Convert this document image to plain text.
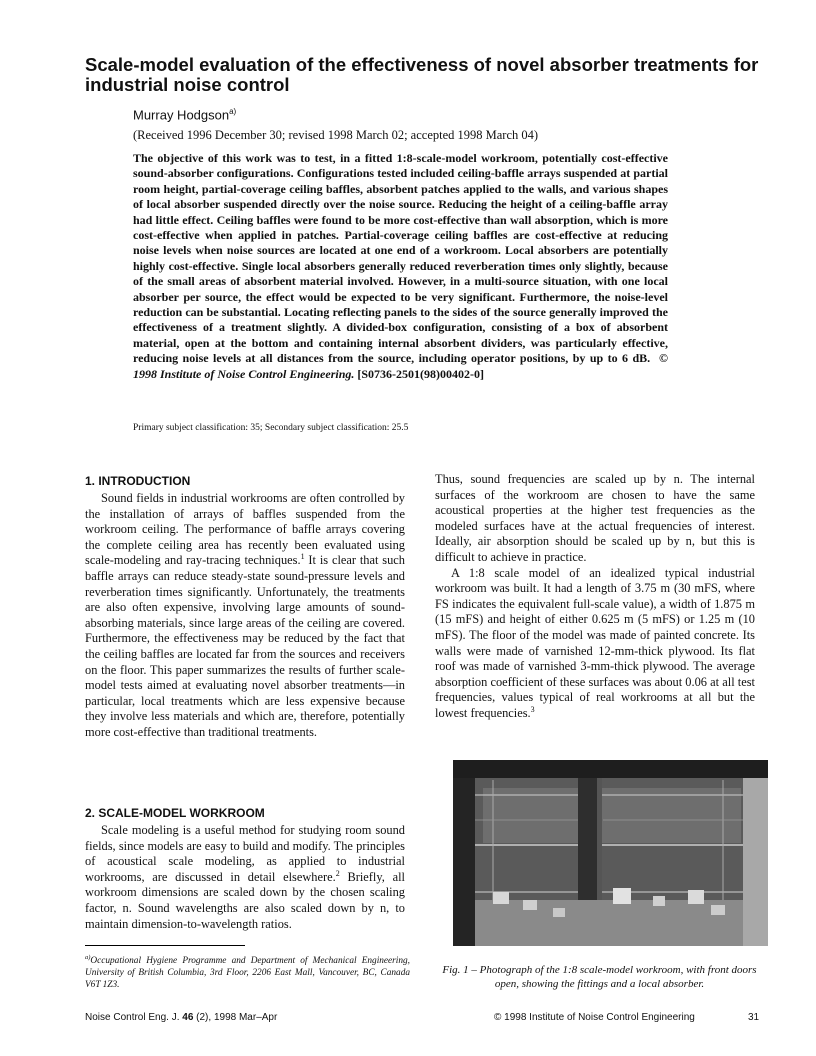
Scale-model evaluation of the effectiveness of novel absorber treatments for industrial noise control
Murray Hodgson$^{a)}$
(Received 1996 December 30; revised 1998 March 02; accepted 1998 March 04)
The objective of this work was to test, in a fitted 1:8-scale-model workroom, potentially cost-effective sound-absorber configurations. Configurations tested included ceiling-baffle arrays suspended at partial room height, partial-coverage ceiling baffles, absorbent patches applied to the walls, and various shapes of local absorber suspended directly over the noise source. Reducing the height of a ceiling-baffle array had little effect. Ceiling baffles were found to be more cost-effective than wall absorption, which is more cost-effective when applied in patches. Partial-coverage ceiling baffles are cost-effective at reducing noise levels when noise sources are located at one end of a workroom. Local absorbers are potentially highly cost-effective. Single local absorbers generally reduced reverberation times only slightly, because of the small areas of absorbent material involved. However, in a multi-source situation, with one local absorber per source, the effect would be expected to be very significant. Furthermore, the noise-level reduction can be substantial. Locating reflecting panels to the sides of the source generally improved the effectiveness of a treatment slightly. A divided-box configuration, consisting of a box of absorbent material, open at the bottom and containing internal absorbent dividers, was particularly effective, reducing noise levels at all distances from the source, including operator positions, by up to 6 dB. © 1998 Institute of Noise Control Engineering. [S0736-2501(98)00402-0]
Primary subject classification: 35; Secondary subject classification: 25.5
1. INTRODUCTION

Sound fields in industrial workrooms are often controlled by the installation of arrays of baffles suspended from the workroom ceiling. The performance of baffle arrays covering the complete ceiling area has recently been evaluated using scale-modeling and ray-tracing techniques.$^1$ It is clear that such baffle arrays can reduce steady-state sound-pressure levels and reverberation times significantly. Unfortunately, the treatments are also often expensive, involving large amounts of sound-absorbing materials, since large areas of the ceiling are covered. Furthermore, the effectiveness may be reduced by the fact that the ceiling baffles are located far from the sources and receivers on the floor. This paper summarizes the results of further scale-model tests aimed at evaluating novel absorber treatments—in particular, local treatments which are less expensive because they involve less materials and which are, therefore, potentially more cost-effective than traditional treatments.

2. SCALE-MODEL WORKROOM

Scale modeling is a useful method for studying room sound fields, since models are easy to build and modify. The principles of acoustical scale modeling, as applied to industrial workrooms, are discussed in detail elsewhere.$^2$ Briefly, all workroom dimensions are scaled down by the chosen scaling factor, n. Sound wavelengths are also scaled down by n, to maintain dimension-to-wavelength ratios.

Thus, sound frequencies are scaled up by n. The internal surfaces of the workroom are chosen to have the same acoustical properties at the higher test frequencies as the modeled surfaces have at the actual frequencies of interest. Ideally, air absorption should be scaled up by n, but this is difficult to achieve in practice.

A 1:8 scale model of an idealized typical industrial workroom was built. It had a length of 3.75 m (30 mFS, where FS indicates the equivalent full-scale value), a width of 1.875 m (15 mFS) and height of either 0.625 m (5 mFS) or 1.25 m (10 mFS). The floor of the model was made of painted concrete. Its walls were made of varnished 12-mm-thick plywood. Its flat roof was made of varnished 3-mm-thick plywood. The average absorption coefficient of these surfaces was about 0.06 at all test frequencies, values typical of real workrooms at all but the lowest frequencies.$^3$

$^{a)}$Occupational Hygiene Programme and Department of Mechanical Engineering, University of British Columbia, 3rd Floor, 2206 East Mall, Vancouver, BC, Canada V6T 1Z3.
Fig. 1 – Photograph of the 1:8 scale-model workroom, with front doors open, showing the fittings and a local absorber.
Noise Control Eng. J. 46 (2), 1998 Mar–Apr	© 1998 Institute of Noise Control Engineering	31
